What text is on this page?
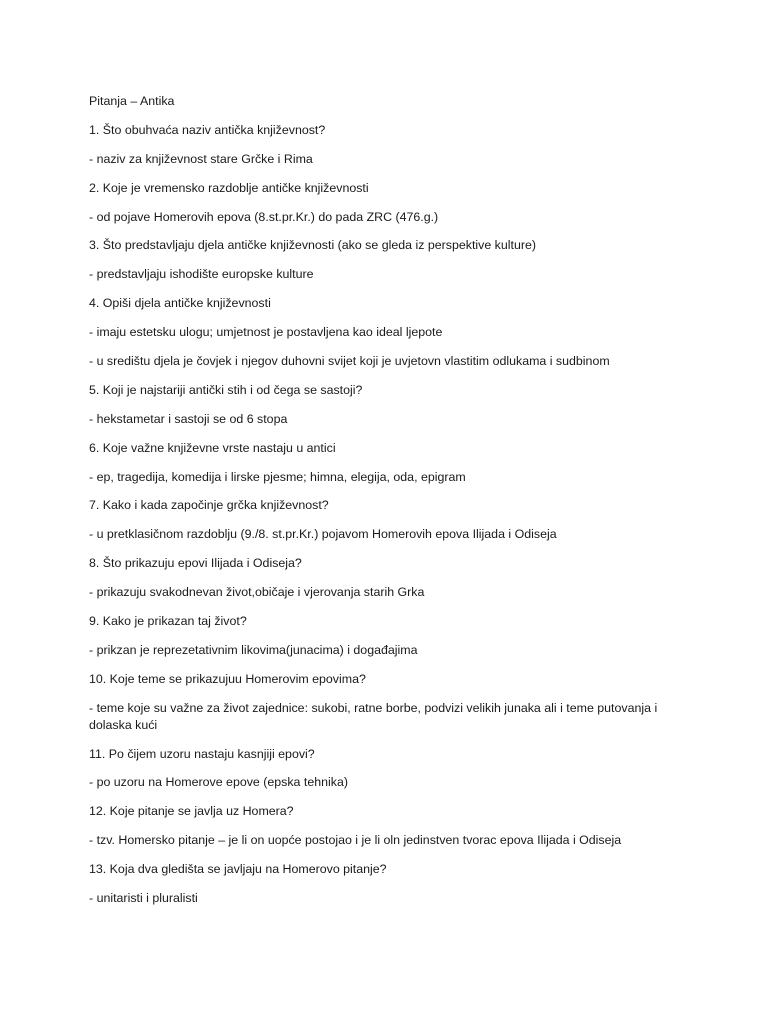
Pitanja – Antika
1. Što obuhvaća naziv antička književnost?
- naziv za književnost stare Grčke i Rima
2. Koje je vremensko razdoblje antičke književnosti
- od pojave Homerovih epova (8.st.pr.Kr.) do pada ZRC (476.g.)
3. Što predstavljaju djela antičke književnosti (ako se gleda iz perspektive kulture)
- predstavljaju ishodište europske kulture
4. Opiši djela antičke književnosti
- imaju estetsku ulogu; umjetnost je postavljena kao ideal ljepote
- u središtu djela je čovjek i njegov duhovni svijet koji je uvjetovn vlastitim odlukama i sudbinom
5. Koji je najstariji antički stih i od čega se sastoji?
- hekstametar i sastoji se od 6 stopa
6. Koje važne književne vrste nastaju u antici
- ep, tragedija, komedija i lirske pjesme; himna, elegija, oda, epigram
7. Kako i kada započinje grčka književnost?
- u pretklasičnom razdoblju (9./8. st.pr.Kr.) pojavom Homerovih epova Ilijada i Odiseja
8. Što prikazuju epovi Ilijada i Odiseja?
- prikazuju svakodnevan život,običaje i vjerovanja starih Grka
9. Kako je prikazan taj život?
- prikzan je reprezetativnim likovima(junacima) i događajima
10. Koje teme se prikazujuu Homerovim epovima?
- teme koje su važne za život zajednice: sukobi, ratne borbe, podvizi velikih junaka ali i teme putovanja i dolaska kući
11. Po čijem uzoru nastaju kasnjiji epovi?
- po uzoru na Homerove epove (epska tehnika)
12. Koje pitanje se javlja uz Homera?
- tzv. Homersko pitanje – je li on uopće postojao i je li oln jedinstven tvorac epova Ilijada i Odiseja
13. Koja dva gledišta se javljaju na Homerovo pitanje?
- unitaristi i pluralisti
